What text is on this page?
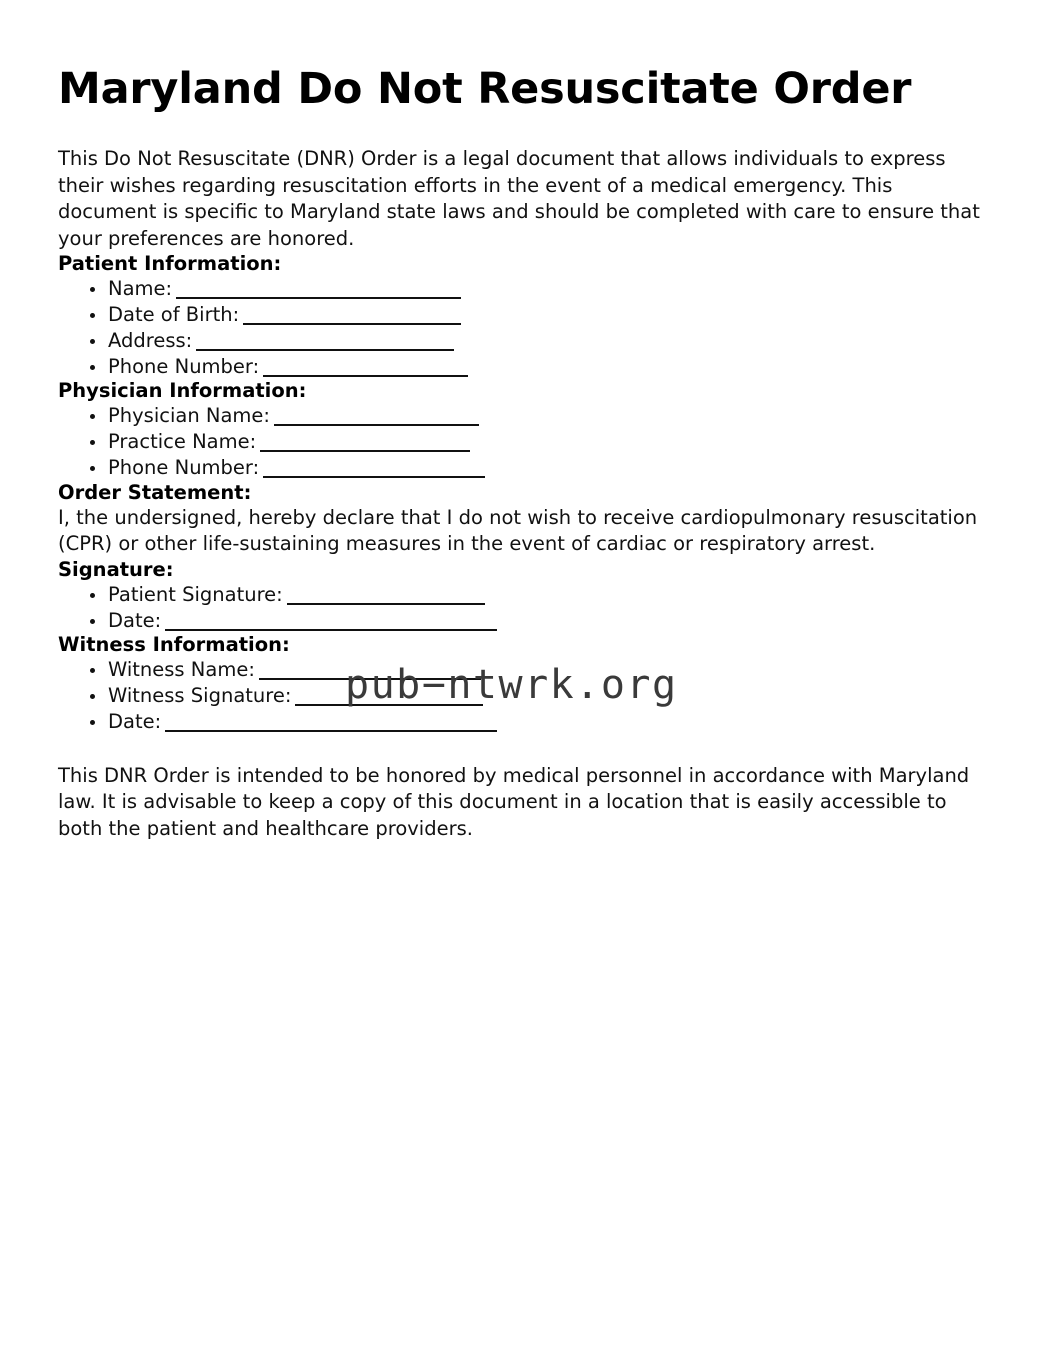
Maryland Do Not Resuscitate Order

This Do Not Resuscitate (DNR) Order is a legal document that allows individuals to express their wishes regarding resuscitation efforts in the event of a medical emergency. This document is specific to Maryland state laws and should be completed with care to ensure that your preferences are honored.

Patient Information:
Name:
Date of Birth:
Address:
Phone Number:
Physician Information:
Physician Name:
Practice Name:
Phone Number:
Order Statement:

I, the undersigned, hereby declare that I do not wish to receive cardiopulmonary resuscitation (CPR) or other life-sustaining measures in the event of cardiac or respiratory arrest.

Signature:
Patient Signature:
Date:
Witness Information:
Witness Name:
Witness Signature:
Date:

This DNR Order is intended to be honored by medical personnel in accordance with Maryland law. It is advisable to keep a copy of this document in a location that is easily accessible to both the patient and healthcare providers.

pub−ntwrk.org
